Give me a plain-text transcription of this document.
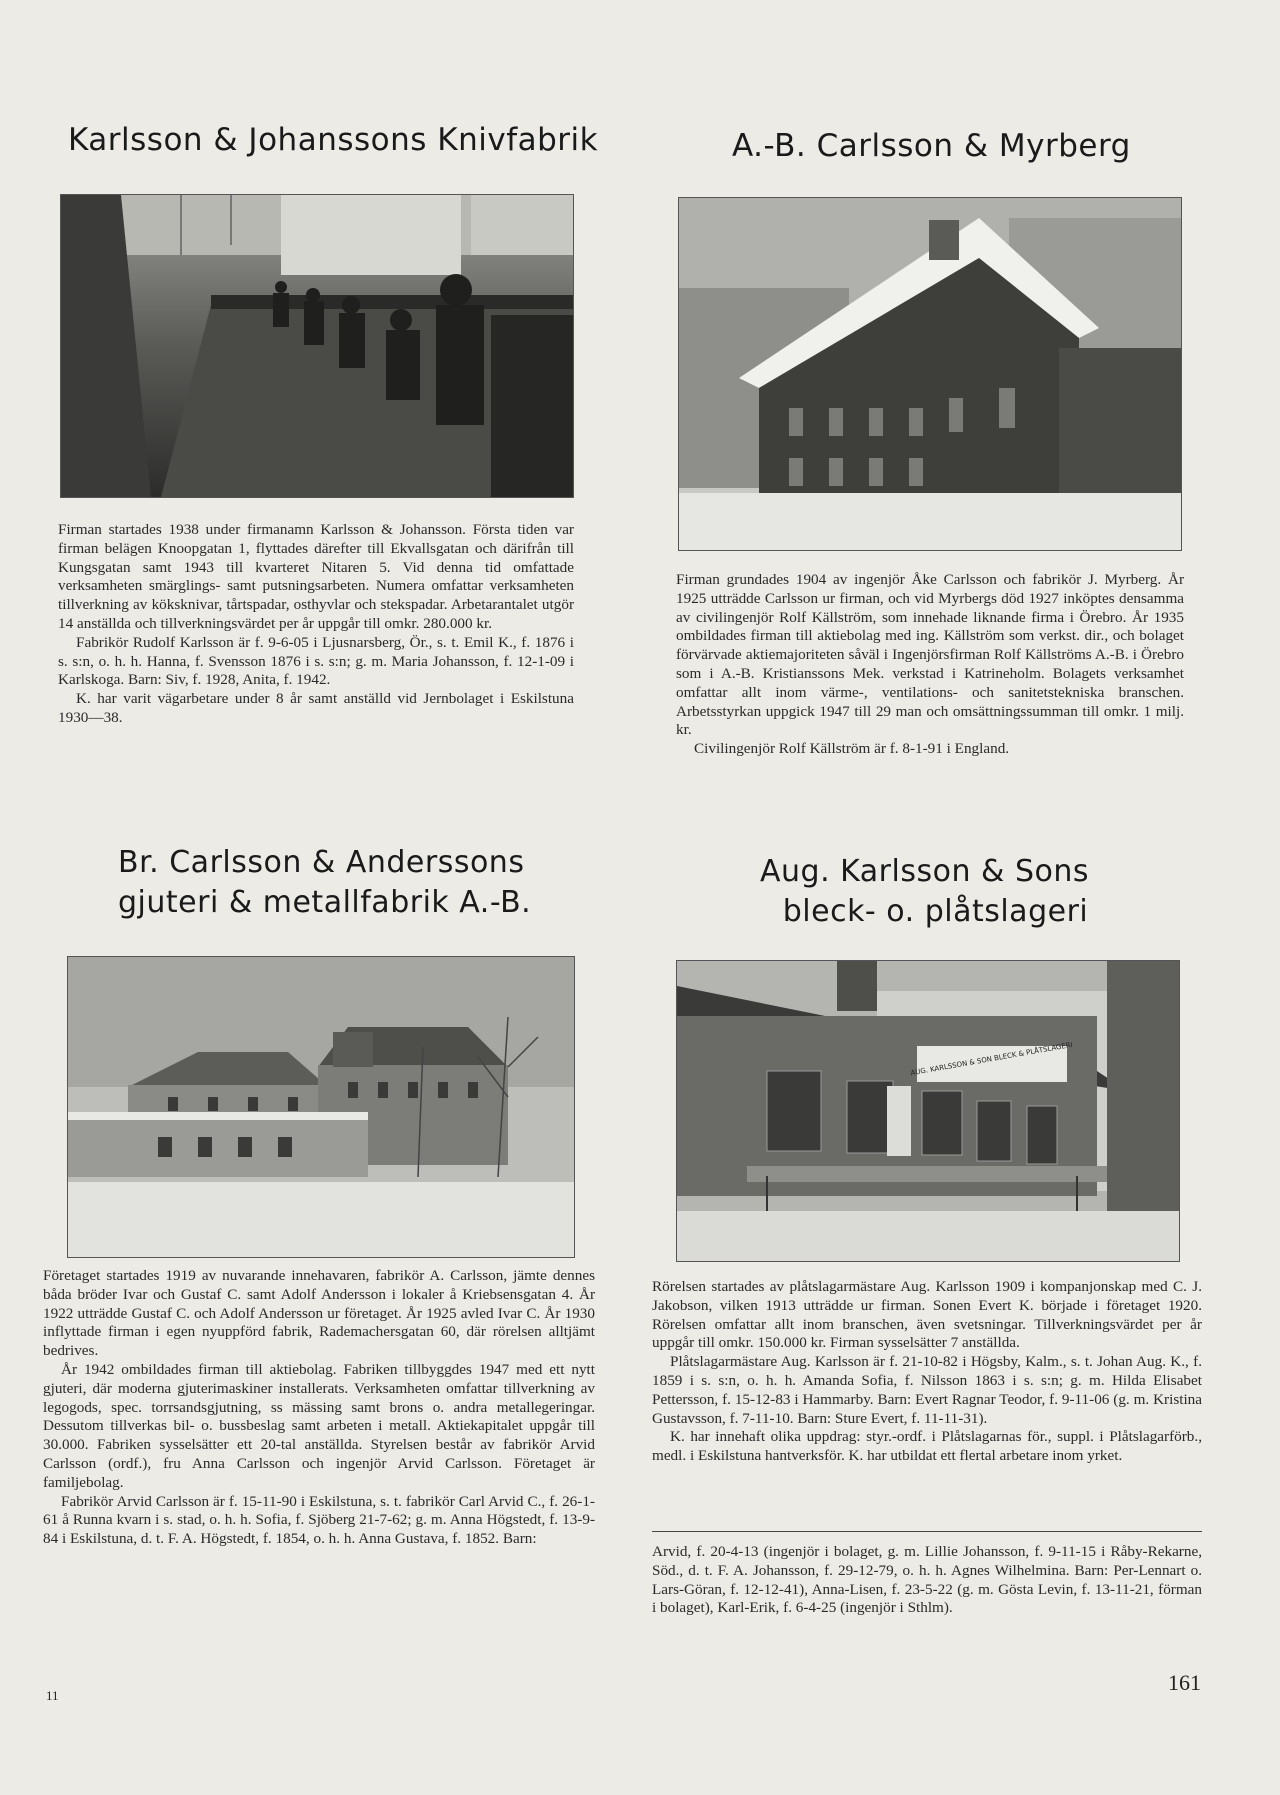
Karlsson & Johanssons Knivfabrik

Firman startades 1938 under firmanamn Karlsson & Johansson. Första tiden var firman belägen Knoopgatan 1, flyttades därefter till Ekvallsgatan och därifrån till Kungsgatan samt 1943 till kvarteret Nitaren 5. Vid denna tid omfattade verksamheten smärglings- samt putsningsarbeten. Numera omfattar verksamheten tillverkning av köksknivar, tårtspadar, osthyvlar och stekspadar. Arbetarantalet utgör 14 anställda och tillverkningsvärdet per år uppgår till omkr. 280.000 kr.

Fabrikör Rudolf Karlsson är f. 9-6-05 i Ljusnarsberg, Ör., s. t. Emil K., f. 1876 i s. s:n, o. h. h. Hanna, f. Svensson 1876 i s. s:n; g. m. Maria Johansson, f. 12-1-09 i Karlskoga. Barn: Siv, f. 1928, Anita, f. 1942.

K. har varit vägarbetare under 8 år samt anställd vid Jernbolaget i Eskilstuna 1930—38.

A.-B. Carlsson & Myrberg

Firman grundades 1904 av ingenjör Åke Carlsson och fabrikör J. Myrberg. År 1925 utträdde Carlsson ur firman, och vid Myrbergs död 1927 inköptes densamma av civilingenjör Rolf Källström, som innehade liknande firma i Örebro. År 1935 ombildades firman till aktiebolag med ing. Källström som verkst. dir., och bolaget förvärvade aktiemajoriteten såväl i Ingenjörsfirman Rolf Källströms A.-B. i Örebro som i A.-B. Kristianssons Mek. verkstad i Katrineholm. Bolagets verksamhet omfattar allt inom värme-, ventilations- och sanitetstekniska branschen. Arbetsstyrkan uppgick 1947 till 29 man och omsättningssumman till omkr. 1 milj. kr.

Civilingenjör Rolf Källström är f. 8-1-91 i England.

Br. Carlsson & Anderssons
gjuteri & metallfabrik A.-B.

Företaget startades 1919 av nuvarande innehavaren, fabrikör A. Carlsson, jämte dennes båda bröder Ivar och Gustaf C. samt Adolf Andersson i lokaler å Kriebsensgatan 4. År 1922 utträdde Gustaf C. och Adolf Andersson ur företaget. År 1925 avled Ivar C. År 1930 inflyttade firman i egen nyuppförd fabrik, Rademachersgatan 60, där rörelsen alltjämt bedrives.

År 1942 ombildades firman till aktiebolag. Fabriken tillbyggdes 1947 med ett nytt gjuteri, där moderna gjuterimaskiner installerats. Verksamheten omfattar tillverkning av legogods, spec. torrsandsgjutning, ss mässing samt brons o. andra metallegeringar. Dessutom tillverkas bil- o. bussbeslag samt arbeten i metall. Aktiekapitalet uppgår till 30.000. Fabriken sysselsätter ett 20-tal anställda. Styrelsen består av fabrikör Arvid Carlsson (ordf.), fru Anna Carlsson och ingenjör Arvid Carlsson. Företaget är familjebolag.

Fabrikör Arvid Carlsson är f. 15-11-90 i Eskilstuna, s. t. fabrikör Carl Arvid C., f. 26-1-61 å Runna kvarn i s. stad, o. h. h. Sofia, f. Sjöberg 21-7-62; g. m. Anna Högstedt, f. 13-9-84 i Eskilstuna, d. t. F. A. Högstedt, f. 1854, o. h. h. Anna Gustava, f. 1852. Barn:

Aug. Karlsson & Sons
bleck- o. plåtslageri
AUG. KARLSSON & SON BLECK & PLÅTSLAGERI

Rörelsen startades av plåtslagarmästare Aug. Karlsson 1909 i kompanjonskap med C. J. Jakobson, vilken 1913 utträdde ur firman. Sonen Evert K. började i företaget 1920. Rörelsen omfattar allt inom branschen, även svetsningar. Tillverkningsvärdet per år uppgår till omkr. 150.000 kr. Firman sysselsätter 7 anställda.

Plåtslagarmästare Aug. Karlsson är f. 21-10-82 i Högsby, Kalm., s. t. Johan Aug. K., f. 1859 i s. s:n, o. h. h. Amanda Sofia, f. Nilsson 1863 i s. s:n; g. m. Hilda Elisabet Pettersson, f. 15-12-83 i Hammarby. Barn: Evert Ragnar Teodor, f. 9-11-06 (g. m. Kristina Gustavsson, f. 7-11-10. Barn: Sture Evert, f. 11-11-31).

K. har innehaft olika uppdrag: styr.-ordf. i Plåtslagarnas för., suppl. i Plåtslagarförb., medl. i Eskilstuna hantverksför. K. har utbildat ett flertal arbetare inom yrket.

Arvid, f. 20-4-13 (ingenjör i bolaget, g. m. Lillie Johansson, f. 9-11-15 i Råby-Rekarne, Söd., d. t. F. A. Johansson, f. 29-12-79, o. h. h. Agnes Wilhelmina. Barn: Per-Lennart o. Lars-Göran, f. 12-12-41), Anna-Lisen, f. 23-5-22 (g. m. Gösta Levin, f. 13-11-21, förman i bolaget), Karl-Erik, f. 6-4-25 (ingenjör i Sthlm).

11
161
